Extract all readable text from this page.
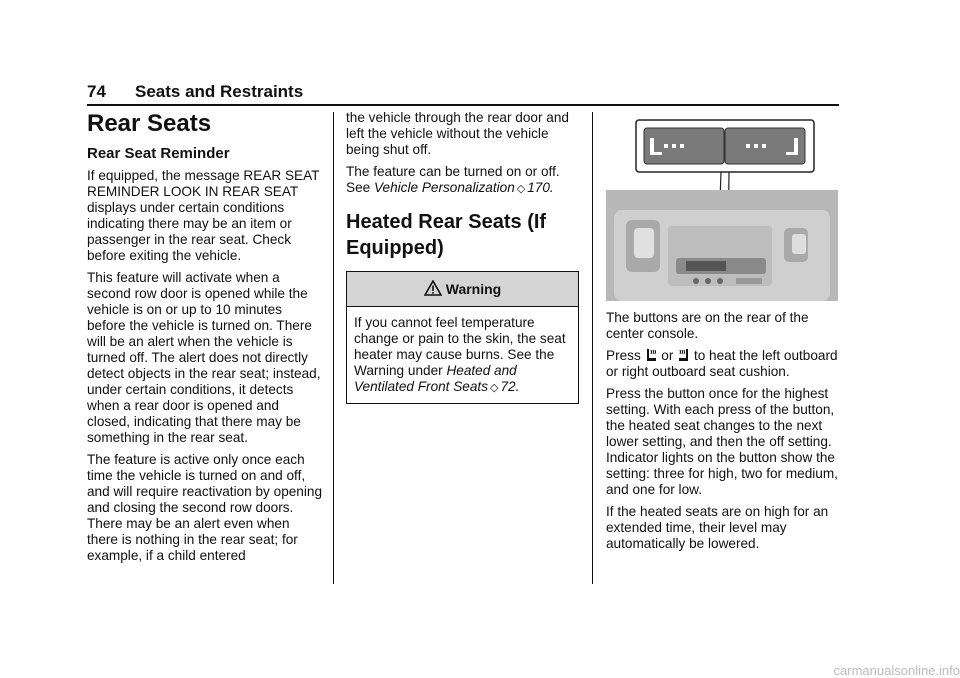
74 Seats and Restraints
Rear Seats
Rear Seat Reminder

If equipped, the message REAR SEAT REMINDER LOOK IN REAR SEAT displays under certain conditions indicating there may be an item or passenger in the rear seat. Check before exiting the vehicle.

This feature will activate when a second row door is opened while the vehicle is on or up to 10 minutes before the vehicle is turned on. There will be an alert when the vehicle is turned off. The alert does not directly detect objects in the rear seat; instead, under certain conditions, it detects when a rear door is opened and closed, indicating that there may be something in the rear seat.

The feature is active only once each time the vehicle is turned on and off, and will require reactivation by opening and closing the second row doors. There may be an alert even when there is nothing in the rear seat; for example, if a child entered

the vehicle through the rear door and left the vehicle without the vehicle being shut off.

The feature can be turned on or off. See Vehicle Personalization ◇ 170.

Heated Rear Seats (If Equipped)
Warning
If you cannot feel temperature change or pain to the skin, the seat heater may cause burns. See the Warning under Heated and Ventilated Front Seats ◇ 72.

The buttons are on the rear of the center console.

Press  or  to heat the left outboard or right outboard seat cushion.

Press the button once for the highest setting. With each press of the button, the heated seat changes to the next lower setting, and then the off setting. Indicator lights on the button show the setting: three for high, two for medium, and one for low.

If the heated seats are on high for an extended time, their level may automatically be lowered.

carmanualsonline.info
